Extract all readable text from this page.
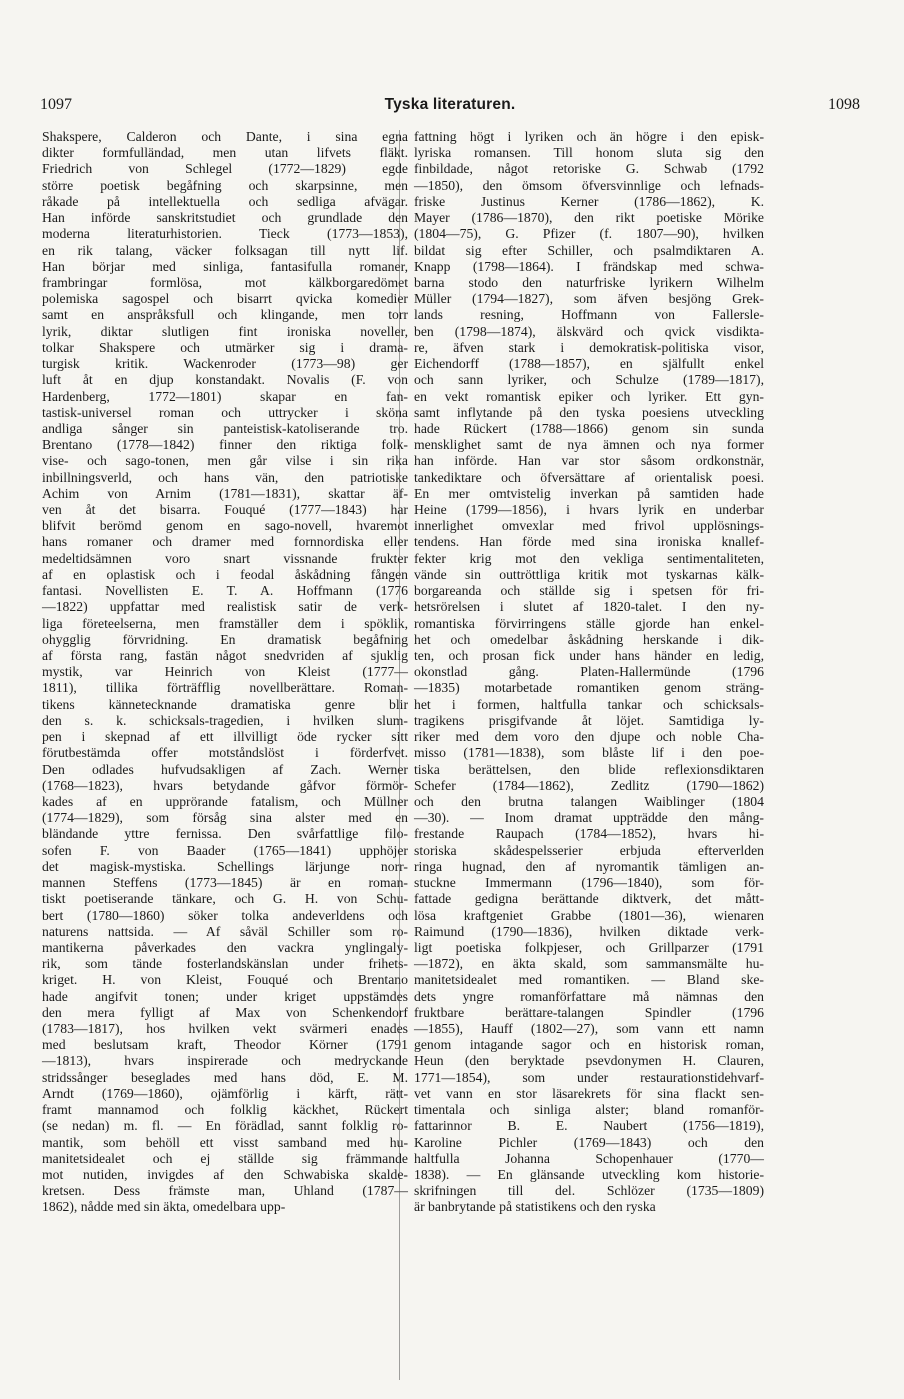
1097	Tyska literaturen.	1098
Shakspere, Calderon och Dante, i sina egna
dikter formfulländad, men utan lifvets fläkt.
Friedrich von Schlegel (1772—1829) egde
större poetisk begåfning och skarpsinne, men
råkade på intellektuella och sedliga afvägar.
Han införde sanskritstudiet och grundlade den
moderna literaturhistorien. Tieck (1773—1853),
en rik talang, väcker folksagan till nytt lif.
Han börjar med sinliga, fantasifulla romaner,
frambringar formlösa, mot kälkborgaredömet
polemiska sagospel och bisarrt qvicka komedier
samt en anspråksfull och klingande, men torr
lyrik, diktar slutligen fint ironiska noveller,
tolkar Shakspere och utmärker sig i drama-
turgisk kritik. Wackenroder (1773—98) ger
luft åt en djup konstandakt. Novalis (F. von
Hardenberg, 1772—1801) skapar en fan-
tastisk-universel roman och uttrycker i sköna
andliga sånger sin panteistisk-katoliserande tro.
Brentano (1778—1842) finner den riktiga folk-
vise- och sago-tonen, men går vilse i sin rika
inbillningsverld, och hans vän, den patriotiske
Achim von Arnim (1781—1831), skattar äf-
ven åt det bisarra. Fouqué (1777—1843) har
blifvit berömd genom en sago-novell, hvaremot
hans romaner och dramer med fornnordiska eller
medeltidsämnen voro snart vissnande frukter
af en oplastisk och i feodal åskådning fången
fantasi. Novellisten E. T. A. Hoffmann (1776
—1822) uppfattar med realistisk satir de verk-
liga företeelserna, men framställer dem i spöklik,
ohygglig förvridning. En dramatisk begåfning
af första rang, fastän något snedvriden af sjuklig
mystik, var Heinrich von Kleist (1777—
1811), tillika förträfflig novellberättare. Roman-
tikens kännetecknande dramatiska genre blir
den s. k. schicksals-tragedien, i hvilken slum-
pen i skepnad af ett illvilligt öde rycker sitt
förutbestämda offer motståndslöst i förderfvet.
Den odlades hufvudsakligen af Zach. Werner
(1768—1823), hvars betydande gåfvor förmör-
kades af en upprörande fatalism, och Müllner
(1774—1829), som försåg sina alster med en
bländande yttre fernissa. Den svårfattlige filo-
sofen F. von Baader (1765—1841) upphöjer
det magisk-mystiska. Schellings lärjunge norr-
mannen Steffens (1773—1845) är en roman-
tiskt poetiserande tänkare, och G. H. von Schu-
bert (1780—1860) söker tolka andeverldens och
naturens nattsida. — Af såväl Schiller som ro-
mantikerna påverkades den vackra ynglingaly-
rik, som tände fosterlandskänslan under frihets-
kriget. H. von Kleist, Fouqué och Brentano
hade angifvit tonen; under kriget uppstämdes
den mera fylligt af Max von Schenkendorf
(1783—1817), hos hvilken vekt svärmeri enades
med beslutsam kraft, Theodor Körner (1791
—1813), hvars inspirerade och medryckande
stridssånger beseglades med hans död, E. M.
Arndt (1769—1860), ojämförlig i kärft, rätt-
framt mannamod och folklig käckhet, Rückert
(se nedan) m. fl. — En förädlad, sannt folklig ro-
mantik, som behöll ett visst samband med hu-
manitetsidealet och ej ställde sig främmande
mot nutiden, invigdes af den Schwabiska skalde-
kretsen. Dess främste man, Uhland (1787—
1862), nådde med sin äkta, omedelbara upp-
fattning högt i lyriken och än högre i den episk-
lyriska romansen. Till honom sluta sig den
finbildade, något retoriske G. Schwab (1792
—1850), den ömsom öfversvinnlige och lefnads-
friske Justinus Kerner (1786—1862), K.
Mayer (1786—1870), den rikt poetiske Mörike
(1804—75), G. Pfizer (f. 1807—90), hvilken
bildat sig efter Schiller, och psalmdiktaren A.
Knapp (1798—1864). I frändskap med schwa-
barna stodo den naturfriske lyrikern Wilhelm
Müller (1794—1827), som äfven besjöng Grek-
lands resning, Hoffmann von Fallersle-
ben (1798—1874), älskvärd och qvick visdikta-
re, äfven stark i demokratisk-politiska visor,
Eichendorff (1788—1857), en själfullt enkel
och sann lyriker, och Schulze (1789—1817),
en vekt romantisk epiker och lyriker. Ett gyn-
samt inflytande på den tyska poesiens utveckling
hade Rückert (1788—1866) genom sin sunda
mensklighet samt de nya ämnen och nya former
han införde. Han var stor såsom ordkonstnär,
tankediktare och öfversättare af orientalisk poesi.
En mer omtvistelig inverkan på samtiden hade
Heine (1799—1856), i hvars lyrik en underbar
innerlighet omvexlar med frivol upplösnings-
tendens. Han förde med sina ironiska knallef-
fekter krig mot den vekliga sentimentaliteten,
vände sin outtröttliga kritik mot tyskarnas kälk-
borgareanda och ställde sig i spetsen för fri-
hetsrörelsen i slutet af 1820-talet. I den ny-
romantiska förvirringens ställe gjorde han enkel-
het och omedelbar åskådning herskande i dik-
ten, och prosan fick under hans händer en ledig,
okonstlad gång. Platen-Hallermünde (1796
—1835) motarbetade romantiken genom sträng-
het i formen, haltfulla tankar och schicksals-
tragikens prisgifvande åt löjet. Samtidiga ly-
riker med dem voro den djupe och noble Cha-
misso (1781—1838), som blåste lif i den poe-
tiska berättelsen, den blide reflexionsdiktaren
Schefer (1784—1862), Zedlitz (1790—1862)
och den brutna talangen Waiblinger (1804
—30). — Inom dramat uppträdde den mång-
frestande Raupach (1784—1852), hvars hi-
storiska skådespelsserier erbjuda efterverlden
ringa hugnad, den af nyromantik tämligen an-
stuckne Immermann (1796—1840), som för-
fattade gedigna berättande diktverk, det mått-
lösa kraftgeniet Grabbe (1801—36), wienaren
Raimund (1790—1836), hvilken diktade verk-
ligt poetiska folkpjeser, och Grillparzer (1791
—1872), en äkta skald, som sammansmälte hu-
manitetsidealet med romantiken. — Bland ske-
dets yngre romanförfattare må nämnas den
fruktbare berättare-talangen Spindler (1796
—1855), Hauff (1802—27), som vann ett namn
genom intagande sagor och en historisk roman,
Heun (den beryktade psevdonymen H. Clauren,
1771—1854), som under restaurationstidehvarf-
vet vann en stor läsarekrets för sina flackt sen-
timentala och sinliga alster; bland romanför-
fattarinnor B. E. Naubert (1756—1819),
Karoline Pichler (1769—1843) och den
haltfulla Johanna Schopenhauer (1770—
1838). — En glänsande utveckling kom historie-
skrifningen till del. Schlözer (1735—1809)
är banbrytande på statistikens och den ryska
